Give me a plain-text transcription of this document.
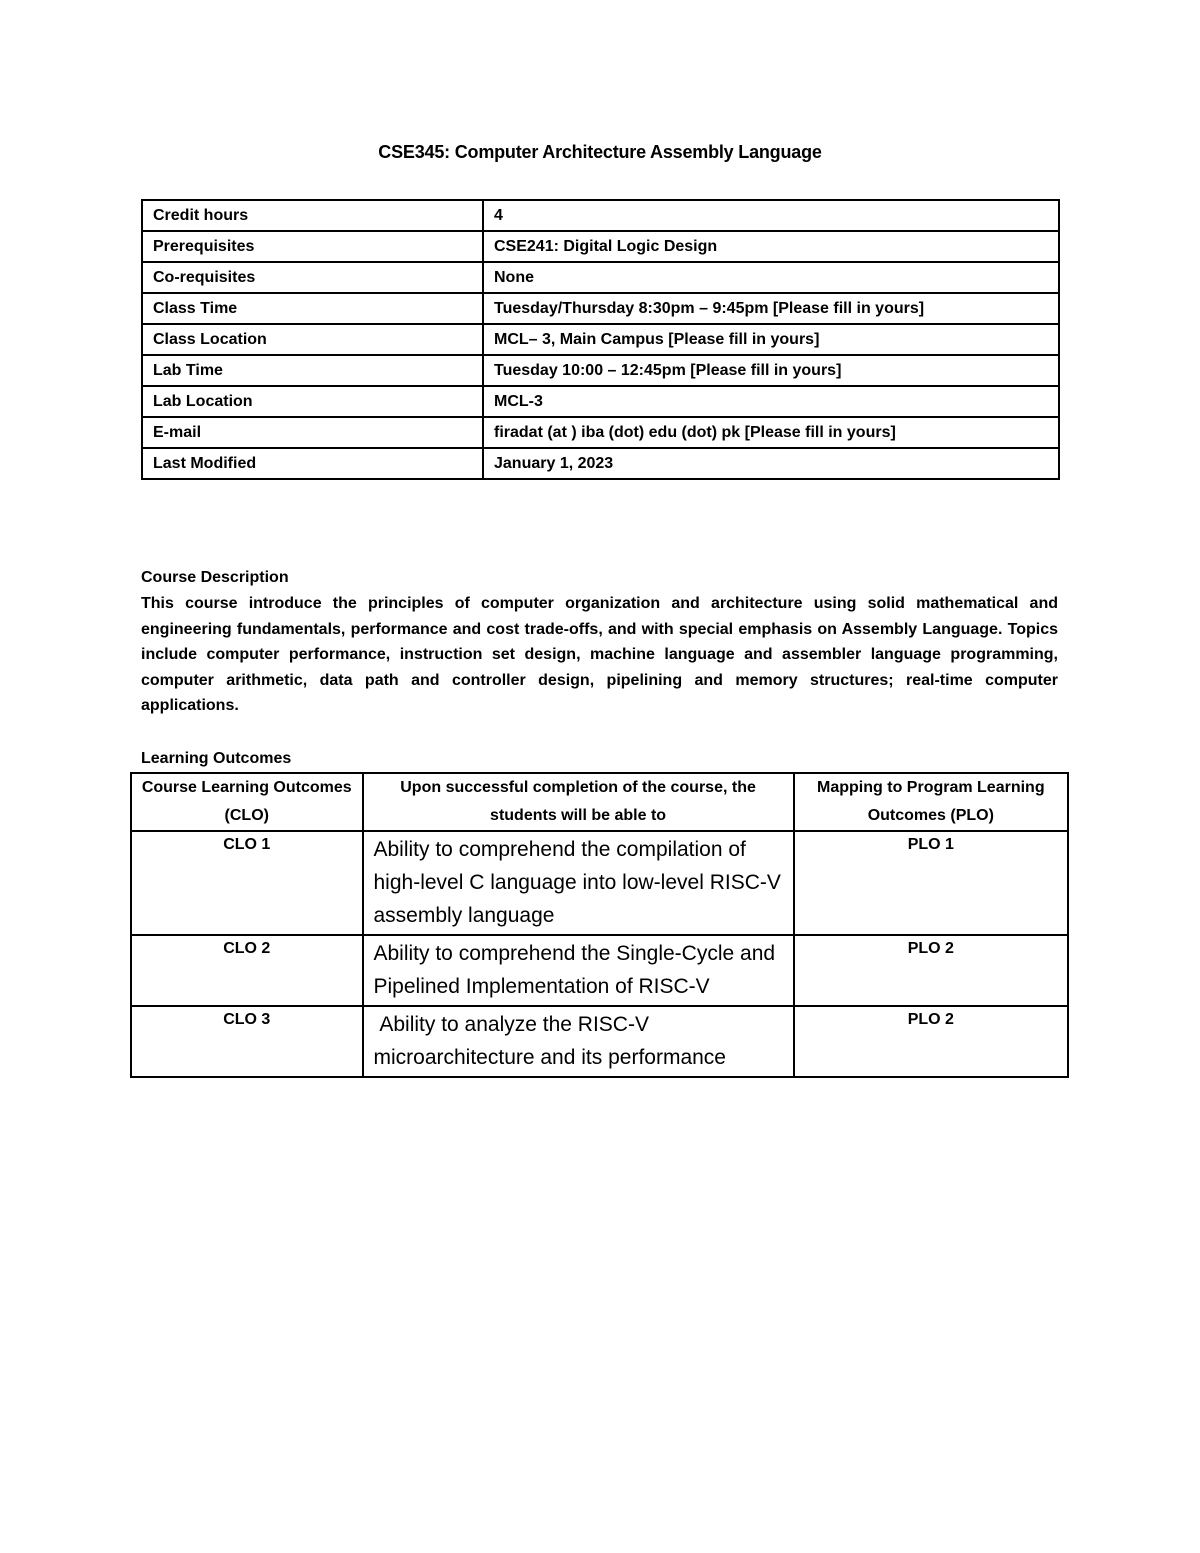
CSE345: Computer Architecture Assembly Language
Credit hours	4
Prerequisites	CSE241: Digital Logic Design
Co-requisites	None
Class Time	Tuesday/Thursday 8:30pm – 9:45pm [Please fill in yours]
Class Location	MCL– 3, Main Campus [Please fill in yours]
Lab Time	Tuesday 10:00 – 12:45pm [Please fill in yours]
Lab Location	MCL-3
E-mail	firadat (at ) iba (dot) edu (dot) pk [Please fill in yours]
Last Modified	January 1, 2023
Course Description
This course introduce the principles of computer organization and architecture using solid mathematical and engineering fundamentals, performance and cost trade-offs, and with special emphasis on Assembly Language. Topics include computer performance, instruction set design, machine language and assembler language programming, computer arithmetic, data path and controller design, pipelining and memory structures; real-time computer applications.
Learning Outcomes
Course Learning Outcomes (CLO)	Upon successful completion of the course, the students will be able to	Mapping to Program Learning Outcomes (PLO)
CLO 1	Ability to comprehend the compilation of high-level C language into low-level RISC-V assembly language	PLO 1
CLO 2	Ability to comprehend the Single-Cycle and Pipelined Implementation of RISC-V	PLO 2
CLO 3	Ability to analyze the RISC-V microarchitecture and its performance	PLO 2
